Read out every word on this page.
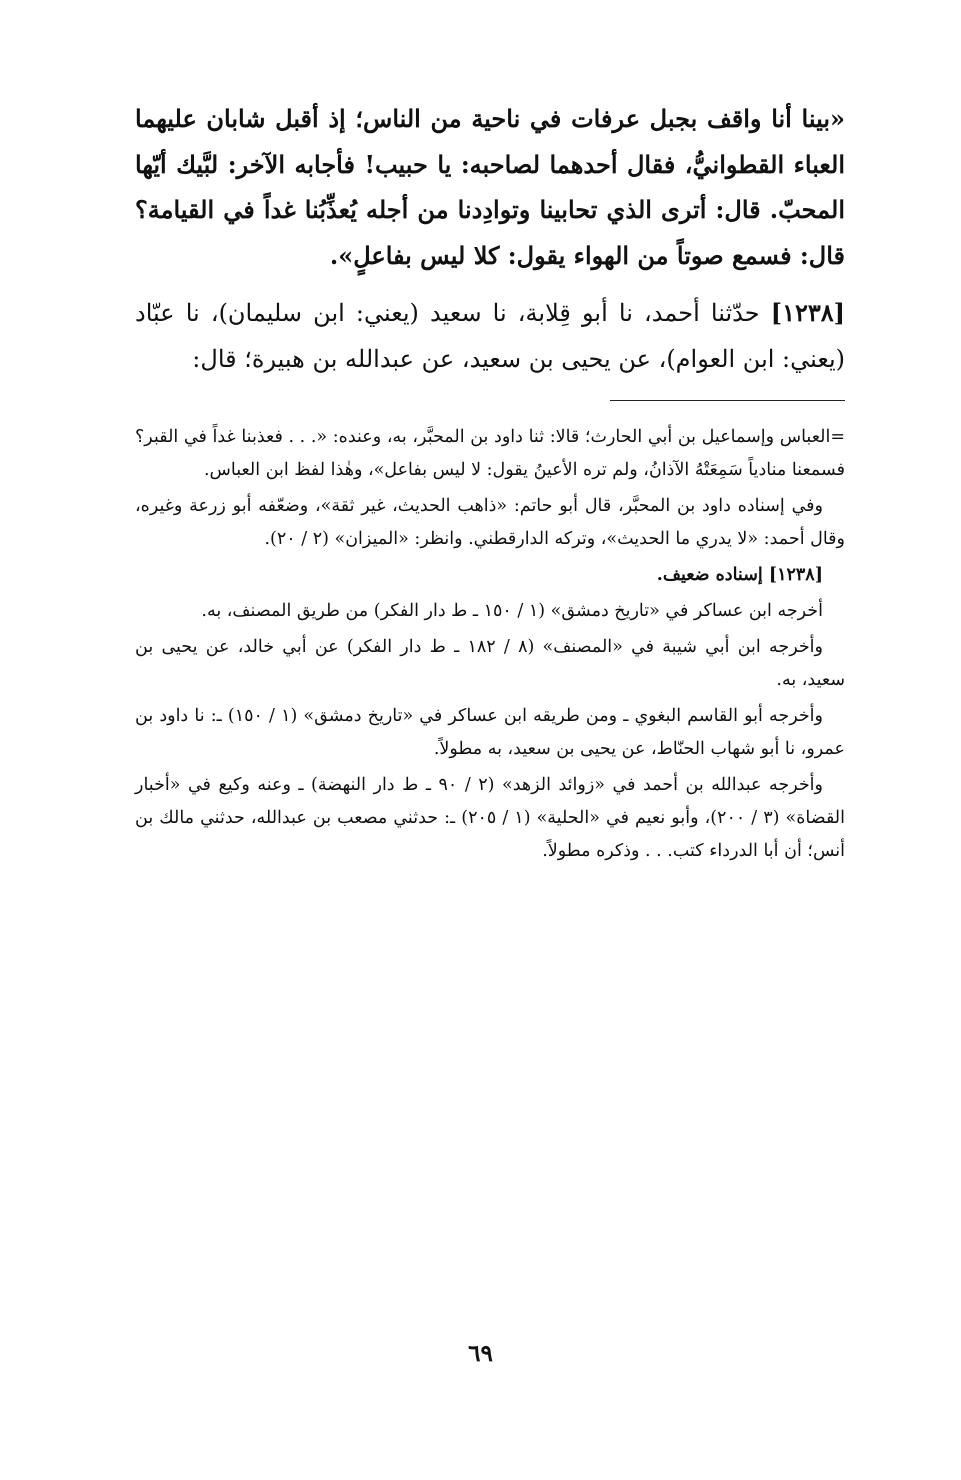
«بينا أنا واقف بجبل عرفات في ناحية من الناس؛ إذ أقبل شابان عليهما العباء القطوانيُّ، فقال أحدهما لصاحبه: يا حبيب! فأجابه الآخر: لبَّيك أيّها المحبّ. قال: أترى الذي تحابينا وتوادِدنا من أجله يُعذِّبُنا غداً في القيامة؟ قال: فسمع صوتاً من الهواء يقول: كلا ليس بفاعلٍ».

[١٢٣٨] حدّثنا أحمد، نا أبو قِلابة، نا سعيد (يعني: ابن سليمان)، نا عبّاد (يعني: ابن العوام)، عن يحيى بن سعيد، عن عبدالله بن هبيرة؛ قال:

=العباس وإسماعيل بن أبي الحارث؛ قالا: ثنا داود بن المحبَّر، به، وعنده: «. . . فعذبنا غداً في القبر؟ فسمعنا منادياً سَمِعَتْهُ الآذانُ، ولم تره الأعينُ يقول: لا ليس بفاعل»، وهٰذا لفظ ابن العباس.

وفي إسناده داود بن المحبَّر، قال أبو حاتم: «ذاهب الحديث، غير ثقة»، وضعّفه أبو زرعة وغيره، وقال أحمد: «لا يدري ما الحديث»، وتركه الدارقطني. وانظر: «الميزان» (٢ / ٢٠).

[١٢٣٨] إسناده ضعيف.

أخرجه ابن عساكر في «تاريخ دمشق» (١ / ١٥٠ ـ ط دار الفكر) من طريق المصنف، به.

وأخرجه ابن أبي شيبة في «المصنف» (٨ / ١٨٢ ـ ط دار الفكر) عن أبي خالد، عن يحيى بن سعيد، به.

وأخرجه أبو القاسم البغوي ـ ومن طريقه ابن عساكر في «تاريخ دمشق» (١ / ١٥٠) ـ: نا داود بن عمرو، نا أبو شهاب الحنّاط، عن يحيى بن سعيد، به مطولاً.

وأخرجه عبدالله بن أحمد في «زوائد الزهد» (٢ / ٩٠ ـ ط دار النهضة) ـ وعنه وكيع في «أخبار القضاة» (٣ / ٢٠٠)، وأبو نعيم في «الحلية» (١ / ٢٠٥) ـ: حدثني مصعب بن عبدالله، حدثني مالك بن أنس؛ أن أبا الدرداء كتب. . . وذكره مطولاً.

٦٩
